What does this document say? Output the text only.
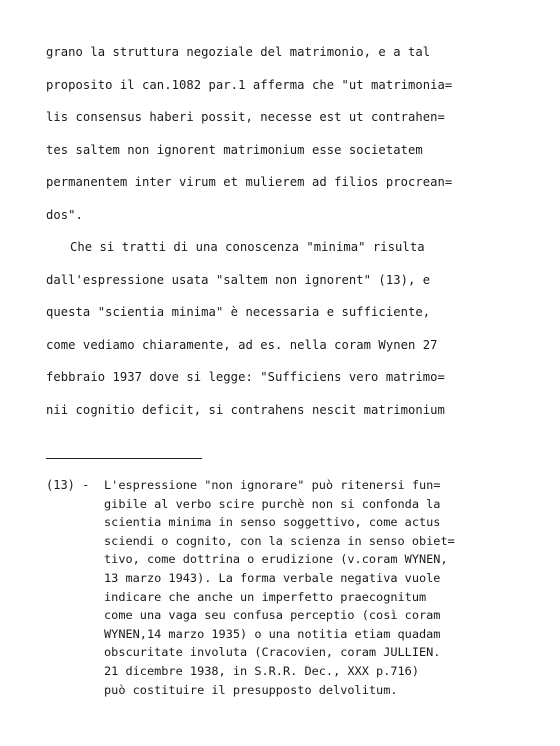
grano la struttura negoziale del matrimonio, e a tal
proposito il can.1082 par.1 afferma che "ut matrimonia=
lis consensus haberi possit, necesse est ut contrahen=
tes saltem non ignorent matrimonium esse societatem
permanentem inter virum et mulierem ad filios procrean=
dos".
Che si tratti di una conoscenza "minima" risulta
dall'espressione usata "saltem non ignorent" (13), e
questa "scientia minima" è necessaria e sufficiente,
come vediamo chiaramente, ad es. nella coram Wynen 27
febbraio 1937 dove si legge: "Sufficiens vero matrimo=
nii cognitio deficit, si contrahens nescit matrimonium
(13) - L'espressione "non ignorare" può ritenersi fun=
gibile al verbo scire purchè non si confonda la
scientia minima in senso soggettivo, come actus
sciendi o cognito, con la scienza in senso obiet=
tivo, come dottrina o erudizione (v.coram WYNEN,
13 marzo 1943). La forma verbale negativa vuole
indicare che anche un imperfetto praecognitum
come una vaga seu confusa perceptio (così coram
WYNEN,14 marzo 1935) o una notitia etiam quadam
obscuritate involuta (Cracovien, coram JULLIEN.
21 dicembre 1938, in S.R.R. Dec., XXX p.716)
può costituire il presupposto delvolitum.
